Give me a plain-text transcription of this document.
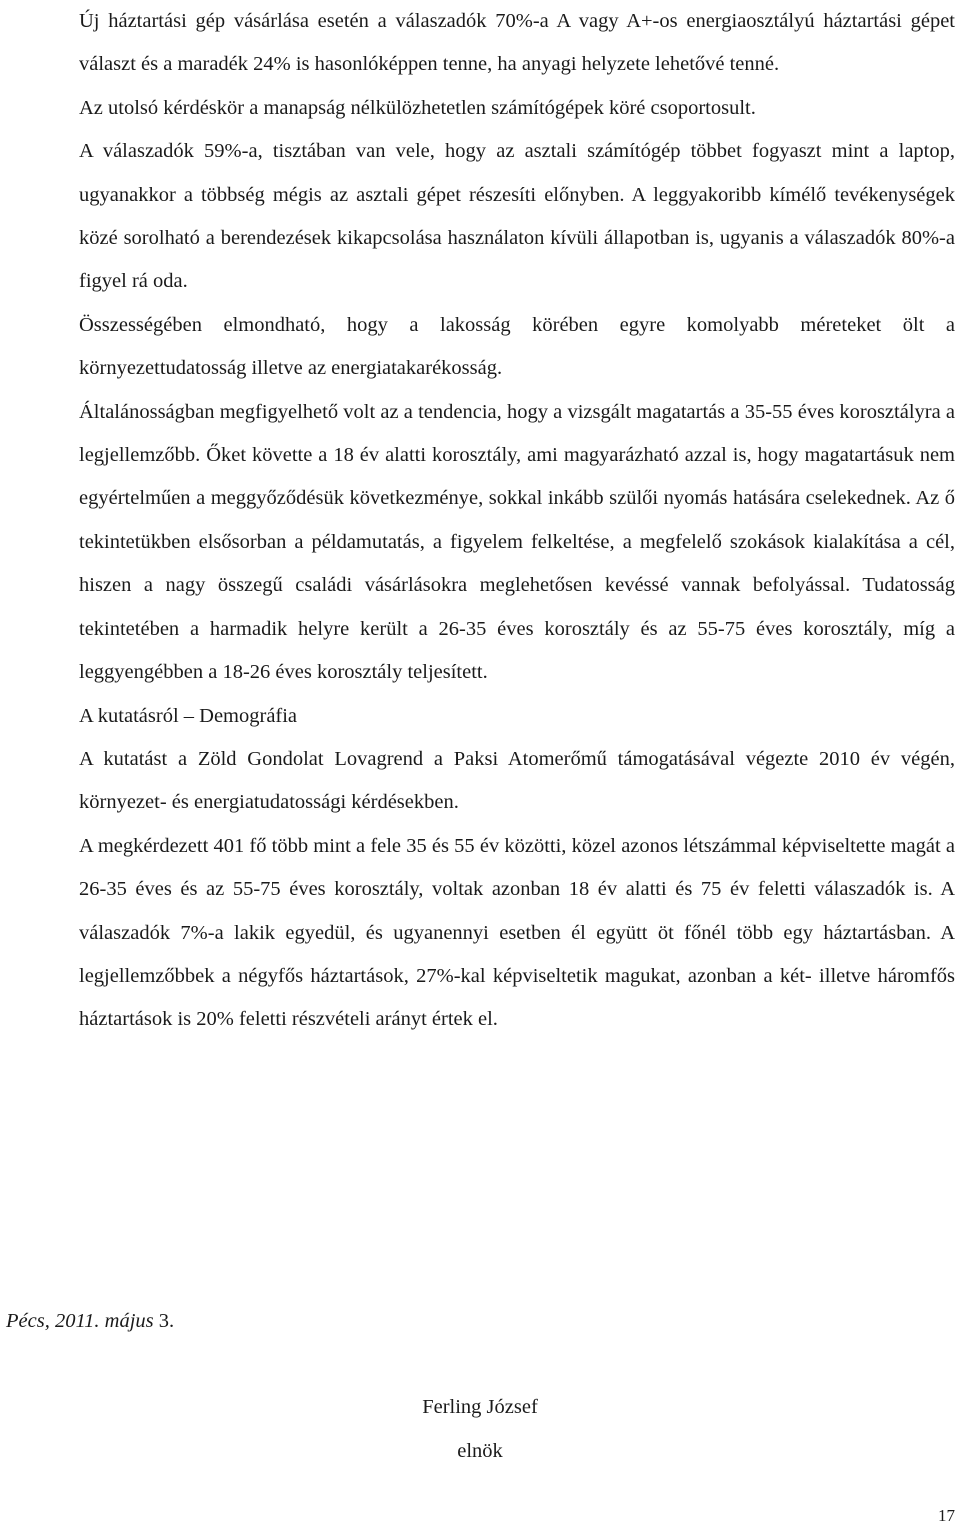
Új háztartási gép vásárlása esetén a válaszadók 70%-a A vagy A+-os energiaosztályú háztartási gépet választ és a maradék 24% is hasonlóképpen tenne, ha anyagi helyzete lehetővé tenné.

Az utolsó kérdéskör a manapság nélkülözhetetlen számítógépek köré csoportosult.

A válaszadók 59%-a, tisztában van vele, hogy az asztali számítógép többet fogyaszt mint a laptop, ugyanakkor a többség mégis az asztali gépet részesíti előnyben. A leggyakoribb kímélő tevékenységek közé sorolható a berendezések kikapcsolása használaton kívüli állapotban is, ugyanis a válaszadók 80%-a figyel rá oda.

Összességében elmondható, hogy a lakosság körében egyre komolyabb méreteket ölt a környezettudatosság illetve az energiatakarékosság.

Általánosságban megfigyelhető volt az a tendencia, hogy a vizsgált magatartás a 35-55 éves korosztályra a legjellemzőbb. Őket követte a 18 év alatti korosztály, ami magyarázható azzal is, hogy magatartásuk nem egyértelműen a meggyőződésük következménye, sokkal inkább szülői nyomás hatására cselekednek. Az ő tekintetükben elsősorban a példamutatás, a figyelem felkeltése, a megfelelő szokások kialakítása a cél, hiszen a nagy összegű családi vásárlásokra meglehetősen kevéssé vannak befolyással. Tudatosság tekintetében a harmadik helyre került a 26-35 éves korosztály és az 55-75 éves korosztály, míg a leggyengébben a 18-26 éves korosztály teljesített.

A kutatásról – Demográfia

A kutatást a Zöld Gondolat Lovagrend a Paksi Atomerőmű támogatásával végezte 2010 év végén, környezet- és energiatudatossági kérdésekben.

A megkérdezett 401 fő több mint a fele 35 és 55 év közötti, közel azonos létszámmal képviseltette magát a 26-35 éves és az 55-75 éves korosztály, voltak azonban 18 év alatti és 75 év feletti válaszadók is. A válaszadók 7%-a lakik egyedül, és ugyanennyi esetben él együtt öt főnél több egy háztartásban. A legjellemzőbbek a négyfős háztartások, 27%-kal képviseltetik magukat, azonban a két- illetve háromfős háztartások is 20% feletti részvételi arányt értek el.

Pécs, 2011. május 3.
Ferling József
elnök
17
